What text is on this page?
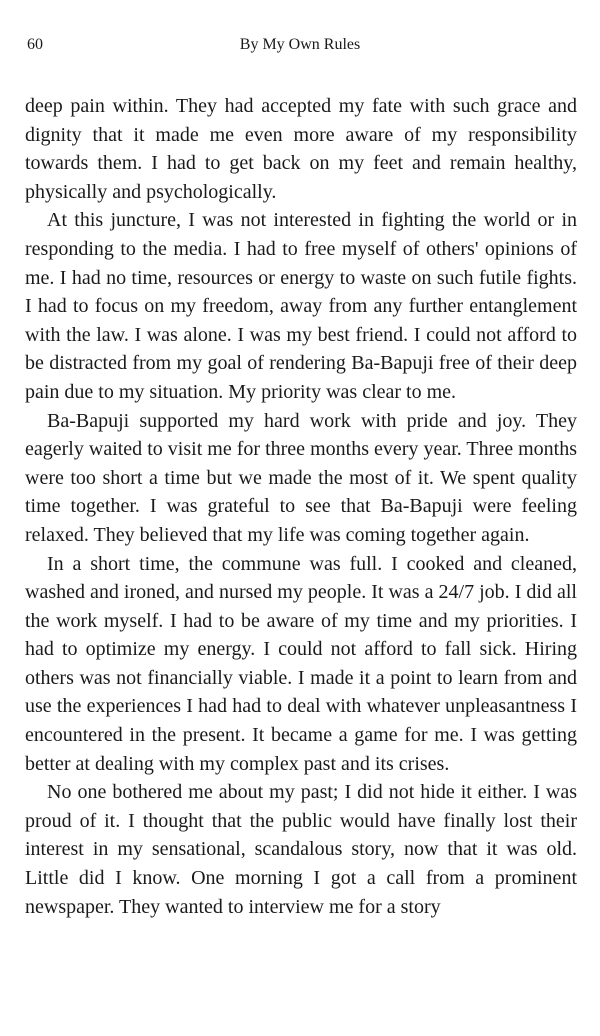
60	By My Own Rules

deep pain within. They had accepted my fate with such grace and dignity that it made me even more aware of my responsibility towards them. I had to get back on my feet and remain healthy, physically and psychologically.

At this juncture, I was not interested in fighting the world or in responding to the media. I had to free myself of others' opinions of me. I had no time, resources or energy to waste on such futile fights. I had to focus on my freedom, away from any further entanglement with the law. I was alone. I was my best friend. I could not afford to be distracted from my goal of rendering Ba-Bapuji free of their deep pain due to my situation. My priority was clear to me.

Ba-Bapuji supported my hard work with pride and joy. They eagerly waited to visit me for three months every year. Three months were too short a time but we made the most of it. We spent quality time together. I was grateful to see that Ba-Bapuji were feeling relaxed. They believed that my life was coming together again.

In a short time, the commune was full. I cooked and cleaned, washed and ironed, and nursed my people. It was a 24/7 job. I did all the work myself. I had to be aware of my time and my priorities. I had to optimize my energy. I could not afford to fall sick. Hiring others was not financially viable. I made it a point to learn from and use the experiences I had had to deal with whatever unpleasantness I encountered in the present. It became a game for me. I was getting better at dealing with my complex past and its crises.

No one bothered me about my past; I did not hide it either. I was proud of it. I thought that the public would have finally lost their interest in my sensational, scandalous story, now that it was old. Little did I know. One morning I got a call from a prominent newspaper. They wanted to interview me for a story
